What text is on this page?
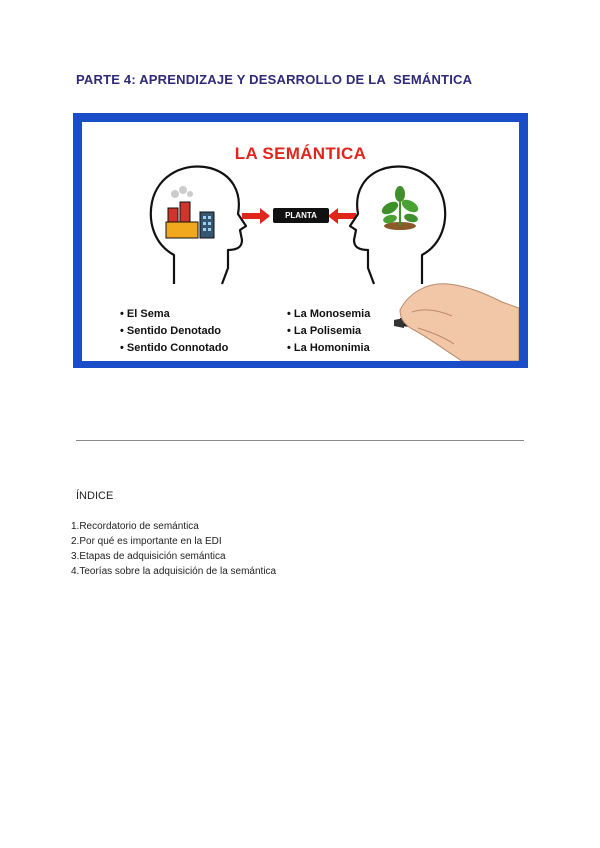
PARTE 4: APRENDIZAJE Y DESARROLLO DE LA  SEMÁNTICA
LA SEMÁNTICA
PLANTA
• El Sema
• Sentido Denotado
• Sentido Connotado
• La Monosemia
• La Polisemia
• La Homonimia
ÍNDICE
1.Recordatorio de semántica
2.Por qué es importante en la EDI
3.Etapas de adquisición semántica
4.Teorías sobre la adquisición de la semántica
